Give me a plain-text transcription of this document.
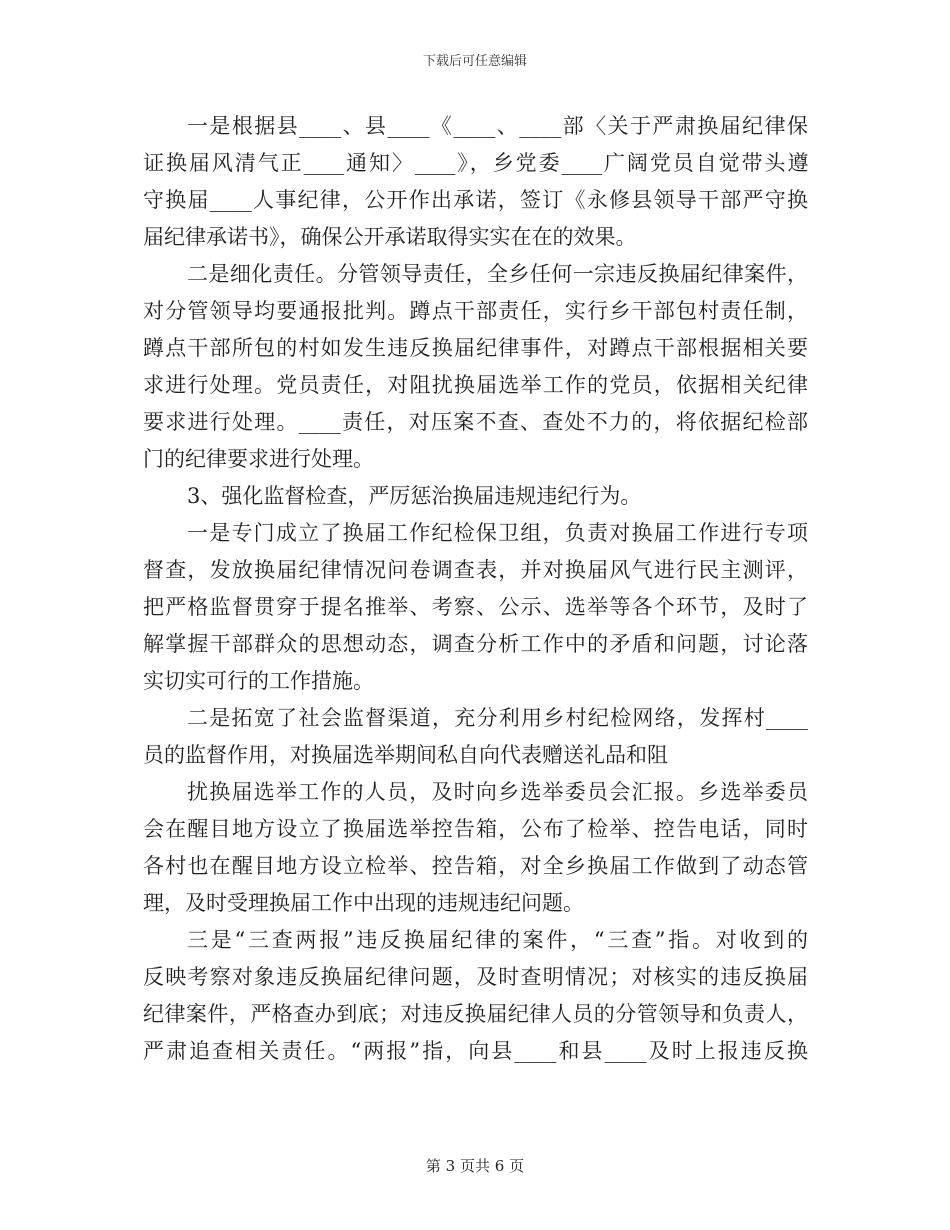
下载后可任意编辑
一是根据县____、县____《____、____部〈关于严肃换届纪律保
证换届风清气正____通知〉____》，乡党委____广阔党员自觉带头遵
守换届____人事纪律，公开作出承诺，签订《永修县领导干部严守换
届纪律承诺书》，确保公开承诺取得实实在在的效果。
二是细化责任。分管领导责任，全乡任何一宗违反换届纪律案件，
对分管领导均要通报批判。蹲点干部责任，实行乡干部包村责任制，
蹲点干部所包的村如发生违反换届纪律事件，对蹲点干部根据相关要
求进行处理。党员责任，对阻扰换届选举工作的党员，依据相关纪律
要求进行处理。____责任，对压案不查、查处不力的，将依据纪检部
门的纪律要求进行处理。
3、强化监督检查，严厉惩治换届违规违纪行为。
一是专门成立了换届工作纪检保卫组，负责对换届工作进行专项
督查，发放换届纪律情况问卷调查表，并对换届风气进行民主测评，
把严格监督贯穿于提名推举、考察、公示、选举等各个环节，及时了
解掌握干部群众的思想动态，调查分析工作中的矛盾和问题，讨论落
实切实可行的工作措施。
二是拓宽了社会监督渠道，充分利用乡村纪检网络，发挥村____
员的监督作用，对换届选举期间私自向代表赠送礼品和阻
扰换届选举工作的人员，及时向乡选举委员会汇报。乡选举委员
会在醒目地方设立了换届选举控告箱，公布了检举、控告电话，同时
各村也在醒目地方设立检举、控告箱，对全乡换届工作做到了动态管
理，及时受理换届工作中出现的违规违纪问题。
三是“三查两报”违反换届纪律的案件，“三查”指。对收到的
反映考察对象违反换届纪律问题，及时查明情况；对核实的违反换届
纪律案件，严格查办到底；对违反换届纪律人员的分管领导和负责人，
严肃追查相关责任。“两报”指，向县____和县____及时上报违反换
第 3 页共 6 页
